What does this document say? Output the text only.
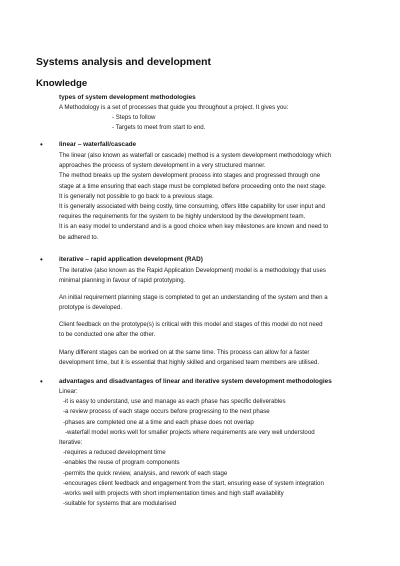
Systems analysis and development
Knowledge
types of system development methodologies
A Methodology is a set of processes that guide you throughout a project. It gives you:
- Steps to follow
- Targets to meet from start to end.
•	linear – waterfall/cascade
The linear (also known as waterfall or cascade) method is a system development methodology which
approaches the process of system development in a very structured manner.
The method breaks up the system development process into stages and progressed through one
stage at a time ensuring that each stage must be completed before proceeding onto the next stage.
It is generally not possible to go back to a previous stage.
It is generally associated with being costly, time consuming, offers little capability for user input and
requires the requirements for the system to be highly understood by the development team.
It is an easy model to understand and is a good choice when key milestones are known and need to
be adhered to.
•	iterative – rapid application development (RAD)
The iterative (also known as the Rapid Application Development) model is a methodology that uses
minimal planning in favour of rapid prototyping.
An initial requirement planning stage is completed to get an understanding of the system and then a
prototype is developed.
Client feedback on the prototype(s) is critical with this model and stages of this model do not need
to be conducted one after the other.
Many different stages can be worked on at the same time. This process can allow for a faster
development time, but it is essential that highly skilled and organised team members are utilised.
•	advantages and disadvantages of linear and iterative system development methodologies
Linear:
-it is easy to understand, use and manage as each phase has specific deliverables
-a review process of each stage occurs before progressing to the next phase
-phases are completed one at a time and each phase does not overlap
-waterfall model works well for smaller projects where requirements are very well understood
Iterative:
-requires a reduced development time
-enables the reuse of program components
-permits the quick review, analysis, and rework of each stage
-encourages client feedback and engagement from the start, ensuring ease of system integration
-works well with projects with short implementation times and high staff availability
-suitable for systems that are modularised
